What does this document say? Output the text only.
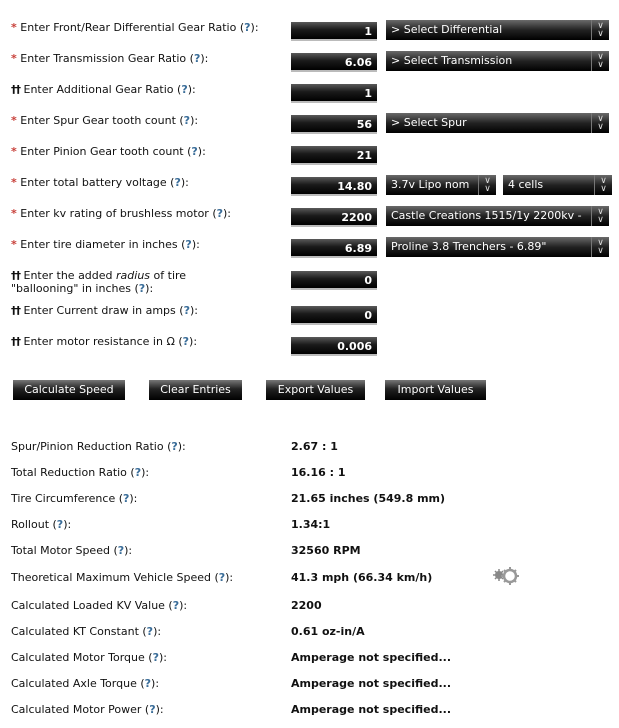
* Enter Front/Rear Differential Gear Ratio (?):	1	> Select Differential	∨
∨
* Enter Transmission Gear Ratio (?):	6.06	> Select Transmission	∨
∨
†† Enter Additional Gear Ratio (?):	1
* Enter Spur Gear tooth count (?):	56	> Select Spur	∨
∨
* Enter Pinion Gear tooth count (?):	21
* Enter total battery voltage (?):	14.80	3.7v Lipo nom	∨
∨	4 cells	∨
∨
* Enter kv rating of brushless motor (?):	2200	Castle Creations 1515/1y 2200kv -	∨
∨
* Enter tire diameter in inches (?):	6.89	Proline 3.8 Trenchers - 6.89"	∨
∨
†† Enter the added radius of tire
"ballooning" in inches (?):
0
†† Enter Current draw in amps (?):	0
†† Enter motor resistance in Ω (?):	0.006
Calculate Speed	Clear Entries	Export Values	Import Values
Spur/Pinion Reduction Ratio (?):	2.67 : 1
Total Reduction Ratio (?):	16.16 : 1
Tire Circumference (?):	21.65 inches (549.8 mm)
Rollout (?):	1.34:1
Total Motor Speed (?):	32560 RPM
Theoretical Maximum Vehicle Speed (?):	41.3 mph (66.34 km/h)
Calculated Loaded KV Value (?):	2200
Calculated KT Constant (?):	0.61 oz-in/A
Calculated Motor Torque (?):	Amperage not specified...
Calculated Axle Torque (?):	Amperage not specified...
Calculated Motor Power (?):	Amperage not specified...
